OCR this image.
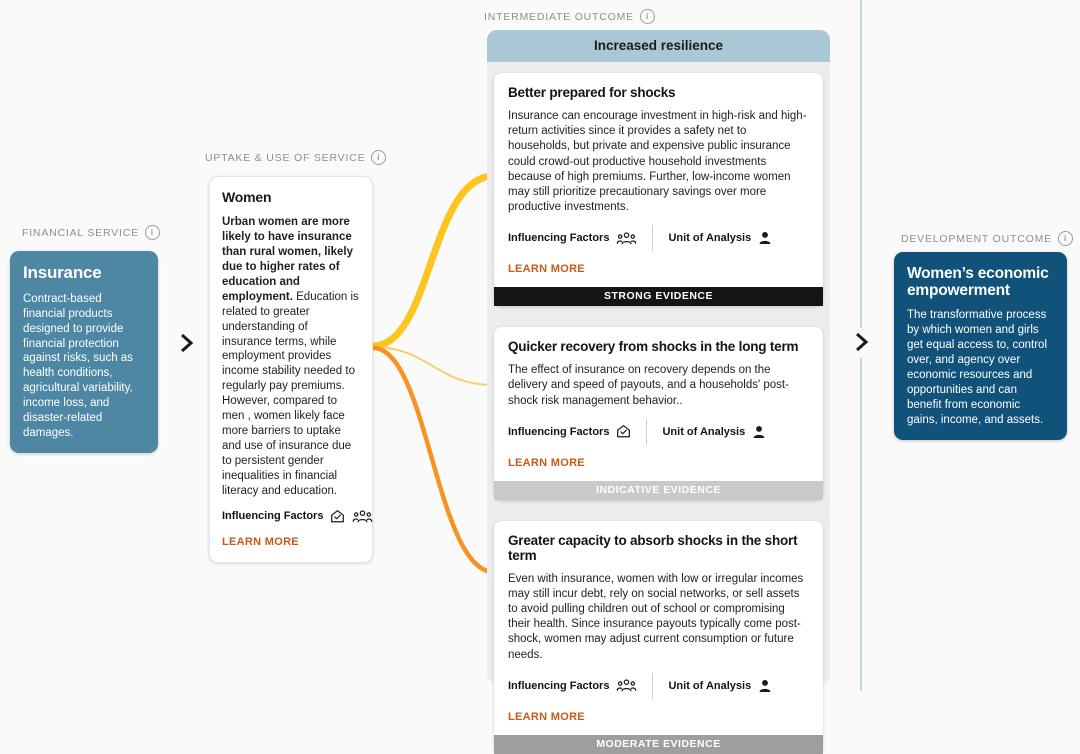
FINANCIAL SERVICE	i
Insurance

Contract-based financial products designed to provide financial protection against risks, such as health conditions, agricultural variability, income loss, and disaster-related damages.

UPTAKE & USE OF SERVICE	i
Women

Urban women are more likely to have insurance than rural women, likely due to higher rates of education and employment. Education is related to greater understanding of insurance terms, while employment provides income stability needed to regularly pay premiums. However, compared to men , women likely face more barriers to uptake and use of insurance due to persistent gender inequalities in financial literacy and education.

Influencing Factors
LEARN MORE
INTERMEDIATE OUTCOME	i
Increased resilience
Better prepared for shocks

Insurance can encourage investment in high-risk and high-return activities since it provides a safety net to households, but private and expensive public insurance could crowd-out productive household investments because of high premiums. Further, low-income women may still prioritize precautionary savings over more productive investments.

Influencing Factors	Unit of Analysis
LEARN MORE
STRONG EVIDENCE
Quicker recovery from shocks in the long term

The effect of insurance on recovery depends on the delivery and speed of payouts, and a households' post-shock risk management behavior..

Influencing Factors	Unit of Analysis
LEARN MORE
INDICATIVE EVIDENCE
Greater capacity to absorb shocks in the short term

Even with insurance, women with low or irregular incomes may still incur debt, rely on social networks, or sell assets to avoid pulling children out of school or compromising their health. Since insurance payouts typically come post-shock, women may adjust current consumption or future needs.

Influencing Factors	Unit of Analysis
LEARN MORE
MODERATE EVIDENCE
DEVELOPMENT OUTCOME	i
Women’s economic empowerment

The transformative process by which women and girls get equal access to, control over, and agency over economic resources and opportunities and can benefit from economic gains, income, and assets.
